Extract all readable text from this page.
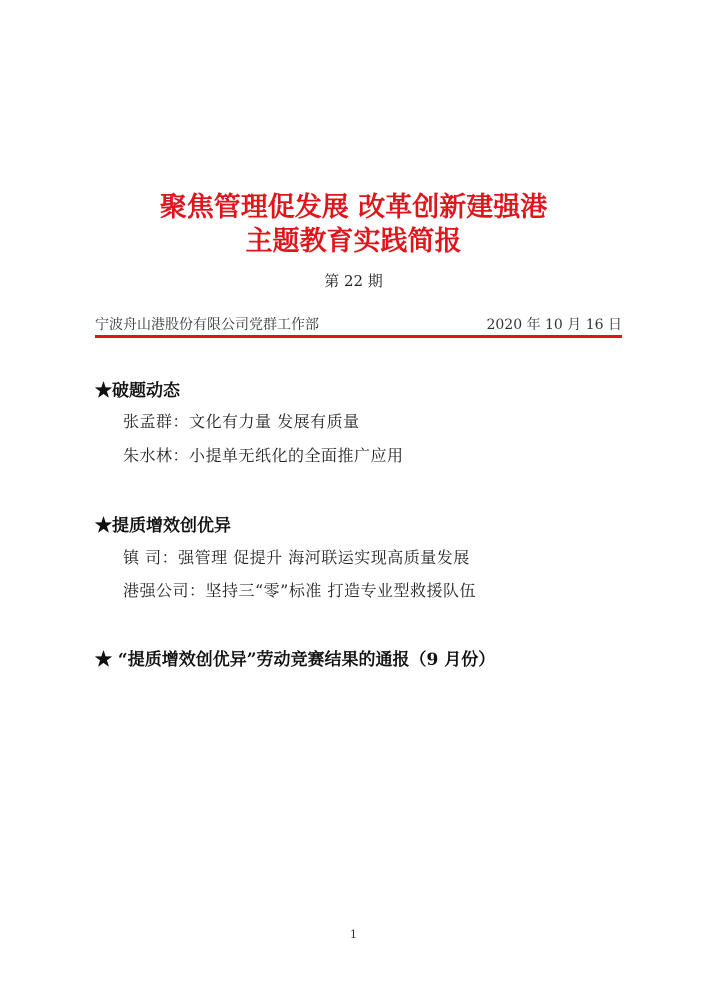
聚焦管理促发展 改革创新建强港
主题教育实践简报
第 22 期
宁波舟山港股份有限公司党群工作部	2020 年 10 月 16 日
★破题动态
张孟群：文化有力量 发展有质量
朱水林：小提单无纸化的全面推广应用
★提质增效创优异
镇 司：强管理 促提升 海河联运实现高质量发展
港强公司：坚持三“零”标准 打造专业型救援队伍
★ “提质增效创优异”劳动竞赛结果的通报（9 月份）
1
